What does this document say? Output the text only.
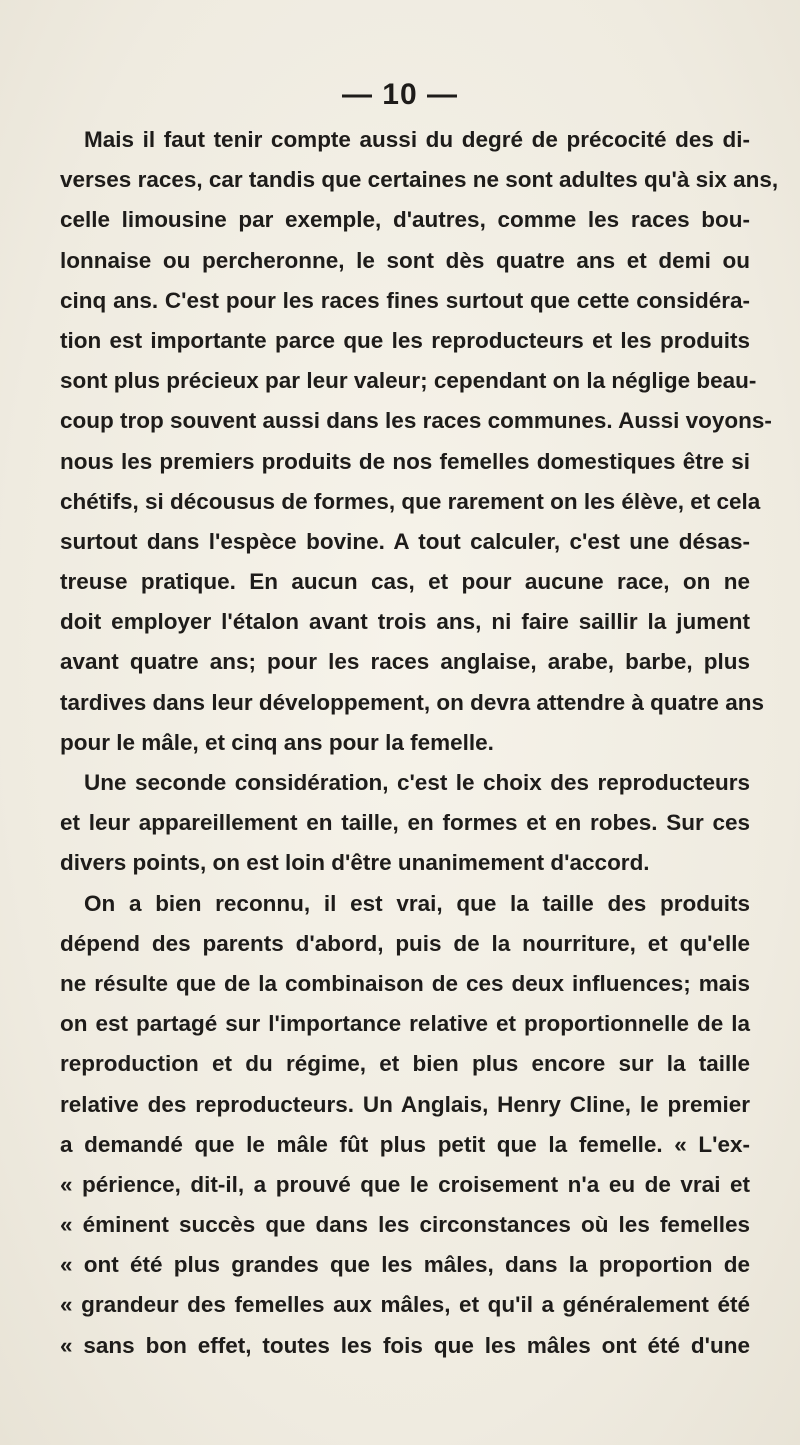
— 10 —
Mais il faut tenir compte aussi du degré de précocité des di-
verses races, car tandis que certaines ne sont adultes qu'à six ans,
celle limousine par exemple, d'autres, comme les races bou-
lonnaise ou percheronne, le sont dès quatre ans et demi ou
cinq ans. C'est pour les races fines surtout que cette considéra-
tion est importante parce que les reproducteurs et les produits
sont plus précieux par leur valeur; cependant on la néglige beau-
coup trop souvent aussi dans les races communes. Aussi voyons-
nous les premiers produits de nos femelles domestiques être si
chétifs, si décousus de formes, que rarement on les élève, et cela
surtout dans l'espèce bovine. A tout calculer, c'est une désas-
treuse pratique. En aucun cas, et pour aucune race, on ne
doit employer l'étalon avant trois ans, ni faire saillir la jument
avant quatre ans; pour les races anglaise, arabe, barbe, plus
tardives dans leur développement, on devra attendre à quatre ans
pour le mâle, et cinq ans pour la femelle.
Une seconde considération, c'est le choix des reproducteurs
et leur appareillement en taille, en formes et en robes. Sur ces
divers points, on est loin d'être unanimement d'accord.
On a bien reconnu, il est vrai, que la taille des produits
dépend des parents d'abord, puis de la nourriture, et qu'elle
ne résulte que de la combinaison de ces deux influences; mais
on est partagé sur l'importance relative et proportionnelle de la
reproduction et du régime, et bien plus encore sur la taille
relative des reproducteurs. Un Anglais, Henry Cline, le premier
a demandé que le mâle fût plus petit que la femelle. « L'ex-
« périence, dit-il, a prouvé que le croisement n'a eu de vrai et
« éminent succès que dans les circonstances où les femelles
« ont été plus grandes que les mâles, dans la proportion de
« grandeur des femelles aux mâles, et qu'il a généralement été
« sans bon effet, toutes les fois que les mâles ont été d'une
